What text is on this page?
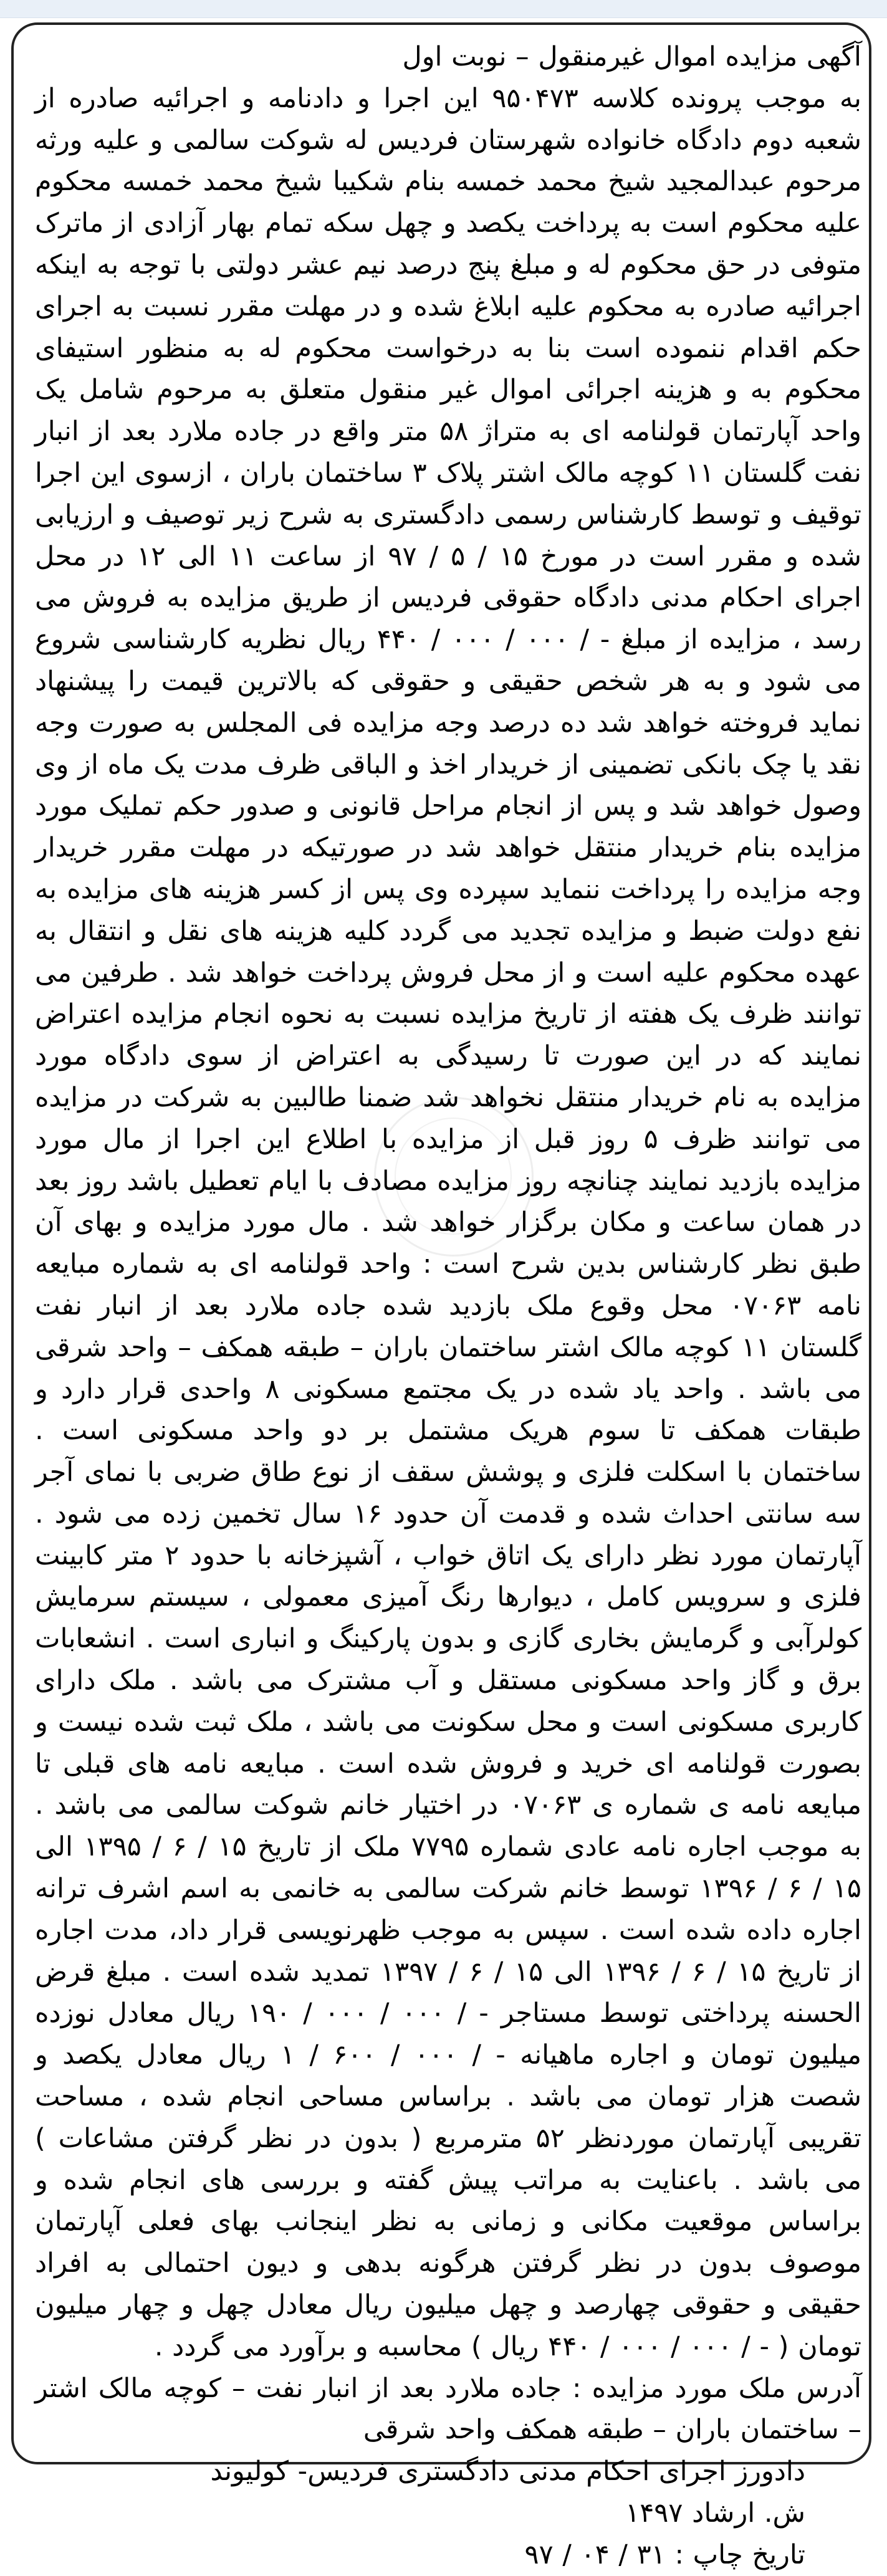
آگهی مزایده اموال غیرمنقول – نوبت اول
به موجب پرونده کلاسه ۹۵۰۴۷۳ این اجرا و دادنامه و اجرائیه صادره از شعبه دوم دادگاه خانواده شهرستان فردیس له شوکت سالمی و علیه ورثه مرحوم عبدالمجید شیخ محمد خمسه بنام شکیبا شیخ محمد خمسه محکوم علیه محکوم است به پرداخت یکصد و چهل سکه تمام بهار آزادی از ماترک متوفی در حق محکوم له و مبلغ پنج درصد نیم عشر دولتی با توجه به اینکه اجرائیه صادره به محکوم علیه ابلاغ شده و در مهلت مقرر نسبت به اجرای حکم اقدام ننموده است بنا به درخواست محکوم له به منظور استیفای محکوم به و هزینه اجرائی اموال غیر منقول متعلق به مرحوم شامل یک واحد آپارتمان قولنامه ای به متراژ ۵۸ متر واقع در جاده ملارد بعد از انبار نفت گلستان ۱۱ کوچه مالک اشتر پلاک ۳ ساختمان باران ، ازسوی این اجرا توقیف و توسط کارشناس رسمی دادگستری به شرح زیر توصیف و ارزیابی شده و مقرر است در مورخ ۱۵ / ۵ / ۹۷ از ساعت ۱۱ الی ۱۲ در محل اجرای احکام مدنی دادگاه حقوقی فردیس از طریق مزایده به فروش می رسد ، مزایده از مبلغ - / ۰۰۰ / ۰۰۰ / ۴۴۰ ریال نظریه کارشناسی شروع می شود و به هر شخص حقیقی و حقوقی که بالاترین قیمت را پیشنهاد نماید فروخته خواهد شد ده درصد وجه مزایده فی المجلس به صورت وجه نقد یا چک بانکی تضمینی از خریدار اخذ و الباقی ظرف مدت یک ماه از وی وصول خواهد شد و پس از انجام مراحل قانونی و صدور حکم تملیک مورد مزایده بنام خریدار منتقل خواهد شد در صورتیکه در مهلت مقرر خریدار وجه مزایده را پرداخت ننماید سپرده وی پس از کسر هزینه های مزایده به نفع دولت ضبط و مزایده تجدید می گردد کلیه هزینه های نقل و انتقال به عهده محکوم علیه است و از محل فروش پرداخت خواهد شد . طرفین می توانند ظرف یک هفته از تاریخ مزایده نسبت به نحوه انجام مزایده اعتراض نمایند که در این صورت تا رسیدگی به اعتراض از سوی دادگاه مورد مزایده به نام خریدار منتقل نخواهد شد ضمنا طالبین به شرکت در مزایده می توانند ظرف ۵ روز قبل از مزایده با اطلاع این اجرا از مال مورد مزایده بازدید نمایند چنانچه روز مزایده مصادف با ایام تعطیل باشد روز بعد در همان ساعت و مکان برگزار خواهد شد . مال مورد مزایده و بهای آن طبق نظر کارشناس بدین شرح است : واحد قولنامه ای به شماره مبایعه نامه ۰۷۰۶۳ محل وقوع ملک بازدید شده جاده ملارد بعد از انبار نفت گلستان ۱۱ کوچه مالک اشتر ساختمان باران – طبقه همکف – واحد شرقی می باشد . واحد یاد شده در یک مجتمع مسکونی ۸ واحدی قرار دارد و طبقات همکف تا سوم هریک مشتمل بر دو واحد مسکونی است . ساختمان با اسکلت فلزی و پوشش سقف از نوع طاق ضربی با نمای آجر سه سانتی احداث شده و قدمت آن حدود ۱۶ سال تخمین زده می شود . آپارتمان مورد نظر دارای یک اتاق خواب ، آشپزخانه با حدود ۲ متر کابینت فلزی و سرویس کامل ، دیوارها رنگ آمیزی معمولی ، سیستم سرمایش کولرآبی و گرمایش بخاری گازی و بدون پارکینگ و انباری است . انشعابات برق و گاز واحد مسکونی مستقل و آب مشترک می باشد . ملک دارای کاربری مسکونی است و محل سکونت می باشد ، ملک ثبت شده نیست و بصورت قولنامه ای خرید و فروش شده است . مبایعه نامه های قبلی تا مبایعه نامه ی شماره ی ۰۷۰۶۳ در اختیار خانم شوکت سالمی می باشد . به موجب اجاره نامه عادی شماره ۷۷۹۵ ملک از تاریخ ۱۵ / ۶ / ۱۳۹۵ الی ۱۵ / ۶ / ۱۳۹۶ توسط خانم شرکت سالمی به خانمی به اسم اشرف ترانه اجاره داده شده است . سپس به موجب ظهرنویسی قرار داد، مدت اجاره از تاریخ ۱۵ / ۶ / ۱۳۹۶ الی ۱۵ / ۶ / ۱۳۹۷ تمدید شده است . مبلغ قرض الحسنه پرداختی توسط مستاجر - / ۰۰۰ / ۰۰۰ / ۱۹۰ ریال معادل نوزده میلیون تومان و اجاره ماهیانه - / ۰۰۰ / ۶۰۰ / ۱ ریال معادل یکصد و شصت هزار تومان می باشد . براساس مساحی انجام شده ، مساحت تقریبی آپارتمان موردنظر ۵۲ مترمربع ( بدون در نظر گرفتن مشاعات ) می باشد . باعنایت به مراتب پیش گفته و بررسی های انجام شده و براساس موقعیت مکانی و زمانی به نظر اینجانب بهای فعلی آپارتمان موصوف بدون در نظر گرفتن هرگونه بدهی و دیون احتمالی به افراد حقیقی و حقوقی چهارصد و چهل میلیون ریال معادل چهل و چهار میلیون تومان ( - / ۰۰۰ / ۰۰۰ / ۴۴۰ ریال ) محاسبه و برآورد می گردد .

آدرس ملک مورد مزایده : جاده ملارد بعد از انبار نفت – کوچه مالک اشتر – ساختمان باران – طبقه همکف واحد شرقی

دادورز اجرای احکام مدنی دادگستری فردیس- کولیوند

ش. ارشاد ۱۴۹۷

تاریخ چاپ : ۳۱ / ۰۴ / ۹۷
